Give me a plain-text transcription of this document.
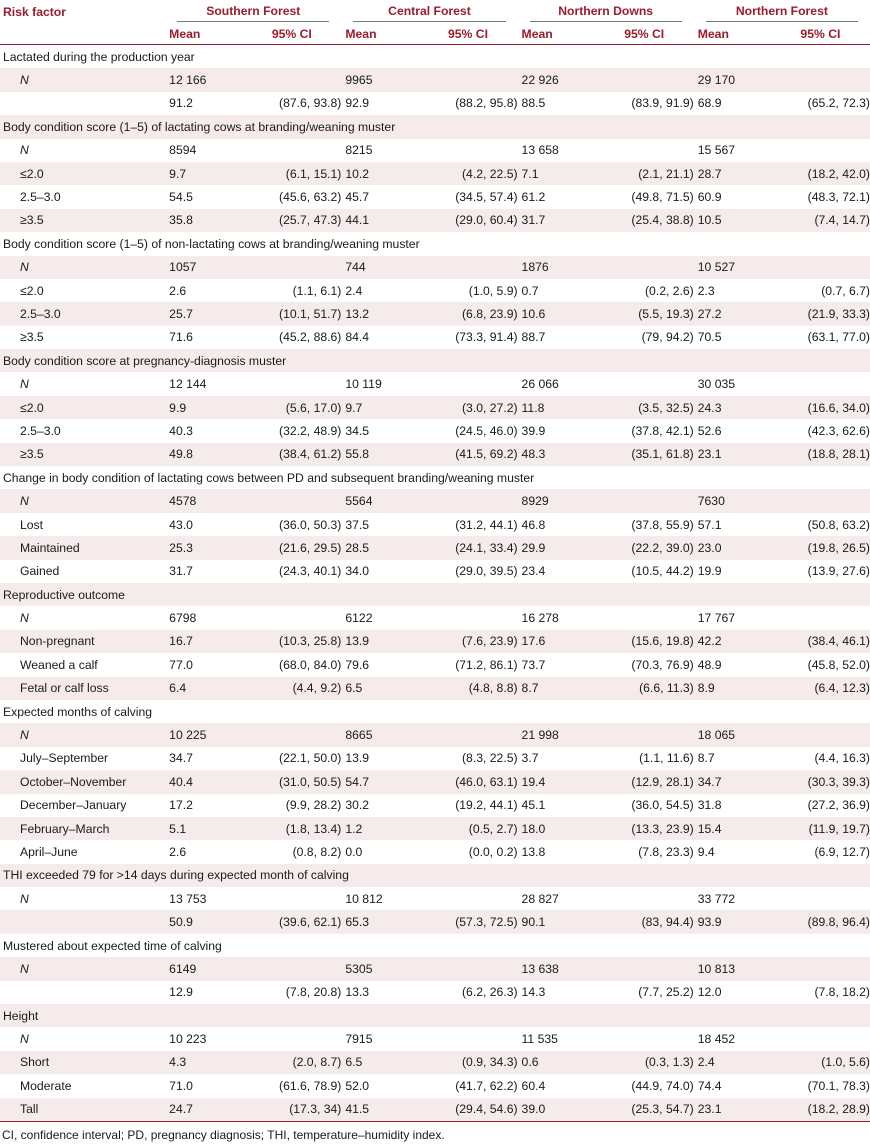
Risk factor	Southern Forest		Central Forest		Northern Downs		Northern Forest	

	Mean	95% CI	Mean	95% CI	Mean	95% CI	Mean	95% CI
Lactated during the production year								
N	12 166		9965		22 926		29 170	
	91.2	(87.6, 93.8)	92.9	(88.2, 95.8)	88.5	(83.9, 91.9)	68.9	(65.2, 72.3)
Body condition score (1–5) of lactating cows at branding/weaning muster								
N	8594		8215		13 658		15 567	
≤2.0	9.7	(6.1, 15.1)	10.2	(4.2, 22.5)	7.1	(2.1, 21.1)	28.7	(18.2, 42.0)
2.5–3.0	54.5	(45.6, 63.2)	45.7	(34.5, 57.4)	61.2	(49.8, 71.5)	60.9	(48.3, 72.1)
≥3.5	35.8	(25.7, 47.3)	44.1	(29.0, 60.4)	31.7	(25.4, 38.8)	10.5	(7.4, 14.7)
Body condition score (1–5) of non-lactating cows at branding/weaning muster								
N	1057		744		1876		10 527	
≤2.0	2.6	(1.1, 6.1)	2.4	(1.0, 5.9)	0.7	(0.2, 2.6)	2.3	(0.7, 6.7)
2.5–3.0	25.7	(10.1, 51.7)	13.2	(6.8, 23.9)	10.6	(5.5, 19.3)	27.2	(21.9, 33.3)
≥3.5	71.6	(45.2, 88.6)	84.4	(73.3, 91.4)	88.7	(79, 94.2)	70.5	(63.1, 77.0)
Body condition score at pregnancy-diagnosis muster								
N	12 144		10 119		26 066		30 035	
≤2.0	9.9	(5.6, 17.0)	9.7	(3.0, 27.2)	11.8	(3.5, 32.5)	24.3	(16.6, 34.0)
2.5–3.0	40.3	(32.2, 48.9)	34.5	(24.5, 46.0)	39.9	(37.8, 42.1)	52.6	(42.3, 62.6)
≥3.5	49.8	(38.4, 61.2)	55.8	(41.5, 69.2)	48.3	(35.1, 61.8)	23.1	(18.8, 28.1)
Change in body condition of lactating cows between PD and subsequent branding/weaning muster								
N	4578		5564		8929		7630	
Lost	43.0	(36.0, 50.3)	37.5	(31.2, 44.1)	46.8	(37.8, 55.9)	57.1	(50.8, 63.2)
Maintained	25.3	(21.6, 29.5)	28.5	(24.1, 33.4)	29.9	(22.2, 39.0)	23.0	(19.8, 26.5)
Gained	31.7	(24.3, 40.1)	34.0	(29.0, 39.5)	23.4	(10.5, 44.2)	19.9	(13.9, 27.6)
Reproductive outcome								
N	6798		6122		16 278		17 767	
Non-pregnant	16.7	(10.3, 25.8)	13.9	(7.6, 23.9)	17.6	(15.6, 19.8)	42.2	(38.4, 46.1)
Weaned a calf	77.0	(68.0, 84.0)	79.6	(71.2, 86.1)	73.7	(70.3, 76.9)	48.9	(45.8, 52.0)
Fetal or calf loss	6.4	(4.4, 9.2)	6.5	(4.8, 8.8)	8.7	(6.6, 11.3)	8.9	(6.4, 12.3)
Expected months of calving								
N	10 225		8665		21 998		18 065	
July–September	34.7	(22.1, 50.0)	13.9	(8.3, 22.5)	3.7	(1.1, 11.6)	8.7	(4.4, 16.3)
October–November	40.4	(31.0, 50.5)	54.7	(46.0, 63.1)	19.4	(12.9, 28.1)	34.7	(30.3, 39.3)
December–January	17.2	(9.9, 28.2)	30.2	(19.2, 44.1)	45.1	(36.0, 54.5)	31.8	(27.2, 36.9)
February–March	5.1	(1.8, 13.4)	1.2	(0.5, 2.7)	18.0	(13.3, 23.9)	15.4	(11.9, 19.7)
April–June	2.6	(0.8, 8.2)	0.0	(0.0, 0.2)	13.8	(7.8, 23.3)	9.4	(6.9, 12.7)
THI exceeded 79 for >14 days during expected month of calving								
N	13 753		10 812		28 827		33 772	
	50.9	(39.6, 62.1)	65.3	(57.3, 72.5)	90.1	(83, 94.4)	93.9	(89.8, 96.4)
Mustered about expected time of calving								
N	6149		5305		13 638		10 813	
	12.9	(7.8, 20.8)	13.3	(6.2, 26.3)	14.3	(7.7, 25.2)	12.0	(7.8, 18.2)
Height								
N	10 223		7915		11 535		18 452	
Short	4.3	(2.0, 8.7)	6.5	(0.9, 34.3)	0.6	(0.3, 1.3)	2.4	(1.0, 5.6)
Moderate	71.0	(61.6, 78.9)	52.0	(41.7, 62.2)	60.4	(44.9, 74.0)	74.4	(70.1, 78.3)
Tall	24.7	(17.3, 34)	41.5	(29.4, 54.6)	39.0	(25.3, 54.7)	23.1	(18.2, 28.9)
CI, confidence interval; PD, pregnancy diagnosis; THI, temperature–humidity index.
